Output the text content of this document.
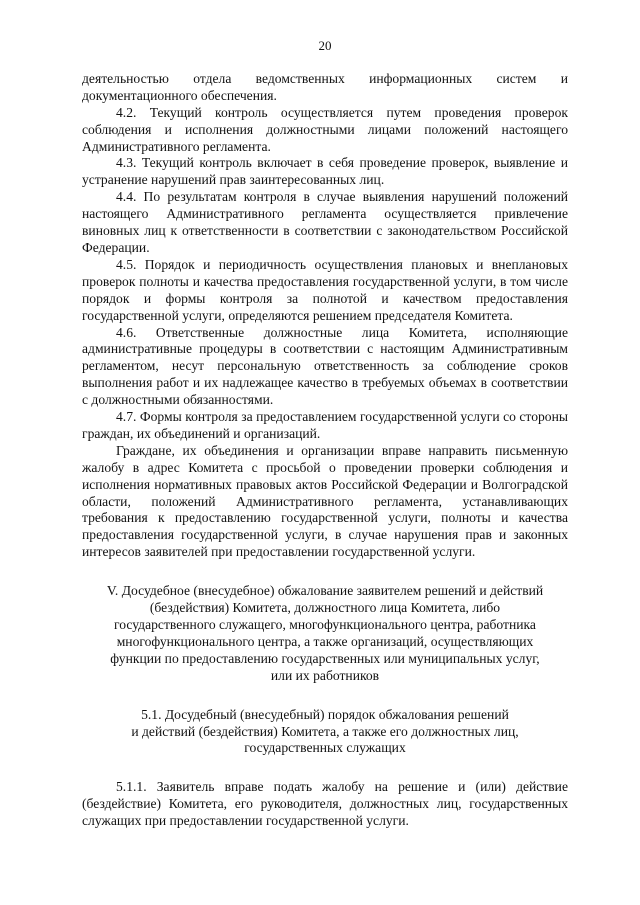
20

деятельностью отдела ведомственных информационных систем и документационного обеспечения.

4.2. Текущий контроль осуществляется путем проведения проверок соблюдения и исполнения должностными лицами положений настоящего Административного регламента.

4.3. Текущий контроль включает в себя проведение проверок, выявление и устранение нарушений прав заинтересованных лиц.

4.4. По результатам контроля в случае выявления нарушений положений настоящего Административного регламента осуществляется привлечение виновных лиц к ответственности в соответствии с законодательством Российской Федерации.

4.5. Порядок и периодичность осуществления плановых и внеплановых проверок полноты и качества предоставления государственной услуги, в том числе порядок и формы контроля за полнотой и качеством предоставления государственной услуги, определяются решением председателя Комитета.

4.6. Ответственные должностные лица Комитета, исполняющие административные процедуры в соответствии с настоящим Административным регламентом, несут персональную ответственность за соблюдение сроков выполнения работ и их надлежащее качество в требуемых объемах в соответствии с должностными обязанностями.

4.7. Формы контроля за предоставлением государственной услуги со стороны граждан, их объединений и организаций.

Граждане, их объединения и организации вправе направить письменную жалобу в адрес Комитета с просьбой о проведении проверки соблюдения и исполнения нормативных правовых актов Российской Федерации и Волгоградской области, положений Административного регламента, устанавливающих требования к предоставлению государственной услуги, полноты и качества предоставления государственной услуги, в случае нарушения прав и законных интересов заявителей при предоставлении государственной услуги.

V. Досудебное (внесудебное) обжалование заявителем решений и действий
(бездействия) Комитета, должностного лица Комитета, либо
государственного служащего, многофункционального центра, работника
многофункционального центра, а также организаций, осуществляющих
функции по предоставлению государственных или муниципальных услуг,
или их работников
5.1. Досудебный (внесудебный) порядок обжалования решений
и действий (бездействия) Комитета, а также его должностных лиц,
государственных служащих

5.1.1. Заявитель вправе подать жалобу на решение и (или) действие (бездействие) Комитета, его руководителя, должностных лиц, государственных служащих при предоставлении государственной услуги.
